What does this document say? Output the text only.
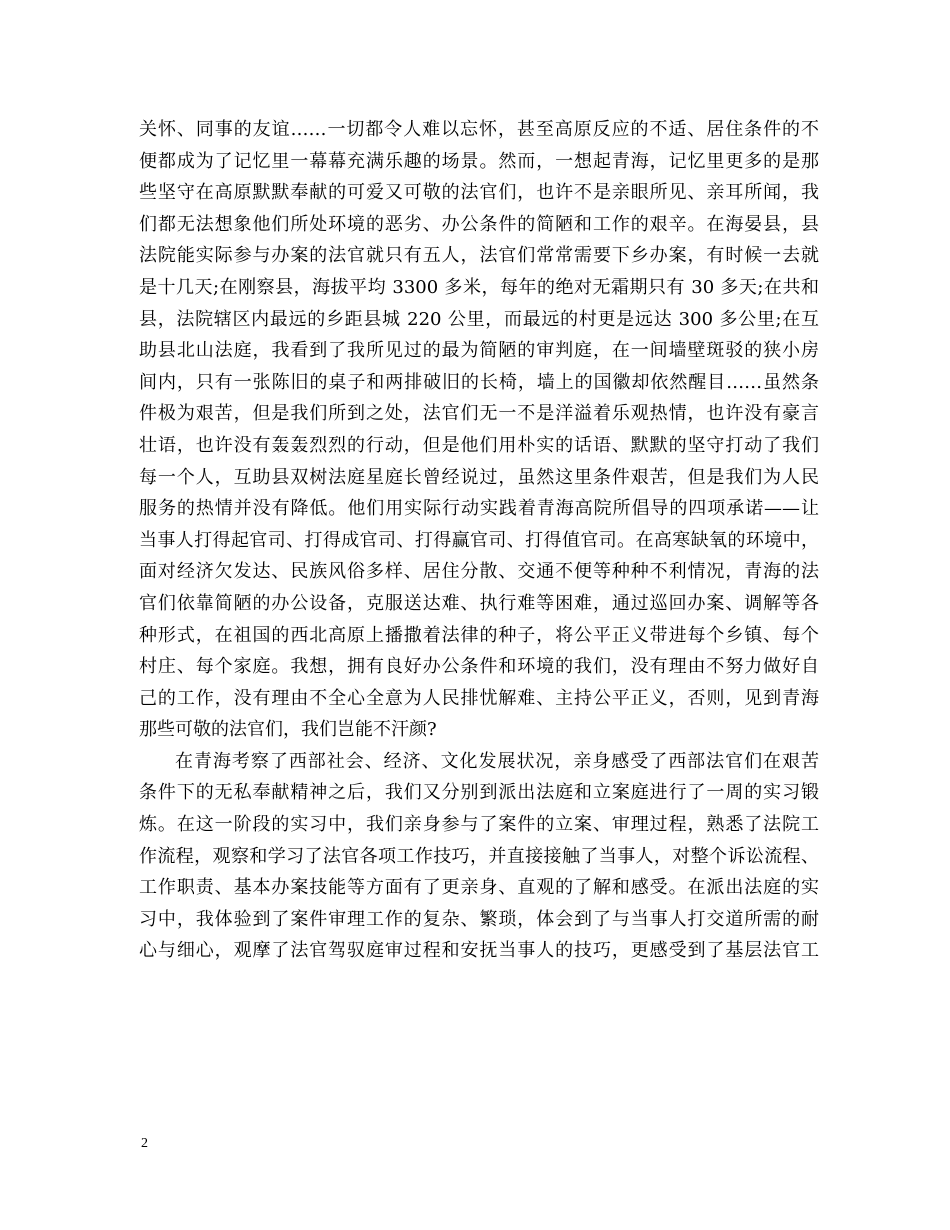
关怀、同事的友谊……一切都令人难以忘怀，甚至高原反应的不适、居住条件的不
便都成为了记忆里一幕幕充满乐趣的场景。然而，一想起青海，记忆里更多的是那
些坚守在高原默默奉献的可爱又可敬的法官们，也许不是亲眼所见、亲耳所闻，我
们都无法想象他们所处环境的恶劣、办公条件的简陋和工作的艰辛。在海晏县，县
法院能实际参与办案的法官就只有五人，法官们常常需要下乡办案，有时候一去就
是十几天;在刚察县，海拔平均 3300 多米，每年的绝对无霜期只有 30 多天;在共和
县，法院辖区内最远的乡距县城 220 公里，而最远的村更是远达 300 多公里;在互
助县北山法庭，我看到了我所见过的最为简陋的审判庭，在一间墙壁斑驳的狭小房
间内，只有一张陈旧的桌子和两排破旧的长椅，墙上的国徽却依然醒目……虽然条
件极为艰苦，但是我们所到之处，法官们无一不是洋溢着乐观热情，也许没有豪言
壮语，也许没有轰轰烈烈的行动，但是他们用朴实的话语、默默的坚守打动了我们
每一个人，互助县双树法庭星庭长曾经说过，虽然这里条件艰苦，但是我们为人民
服务的热情并没有降低。他们用实际行动实践着青海高院所倡导的四项承诺——让
当事人打得起官司、打得成官司、打得赢官司、打得值官司。在高寒缺氧的环境中，
面对经济欠发达、民族风俗多样、居住分散、交通不便等种种不利情况，青海的法
官们依靠简陋的办公设备，克服送达难、执行难等困难，通过巡回办案、调解等各
种形式，在祖国的西北高原上播撒着法律的种子，将公平正义带进每个乡镇、每个
村庄、每个家庭。我想，拥有良好办公条件和环境的我们，没有理由不努力做好自
己的工作，没有理由不全心全意为人民排忧解难、主持公平正义，否则，见到青海
那些可敬的法官们，我们岂能不汗颜?
在青海考察了西部社会、经济、文化发展状况，亲身感受了西部法官们在艰苦
条件下的无私奉献精神之后，我们又分别到派出法庭和立案庭进行了一周的实习锻
炼。在这一阶段的实习中，我们亲身参与了案件的立案、审理过程，熟悉了法院工
作流程，观察和学习了法官各项工作技巧，并直接接触了当事人，对整个诉讼流程、
工作职责、基本办案技能等方面有了更亲身、直观的了解和感受。在派出法庭的实
习中，我体验到了案件审理工作的复杂、繁琐，体会到了与当事人打交道所需的耐
心与细心，观摩了法官驾驭庭审过程和安抚当事人的技巧，更感受到了基层法官工
2
